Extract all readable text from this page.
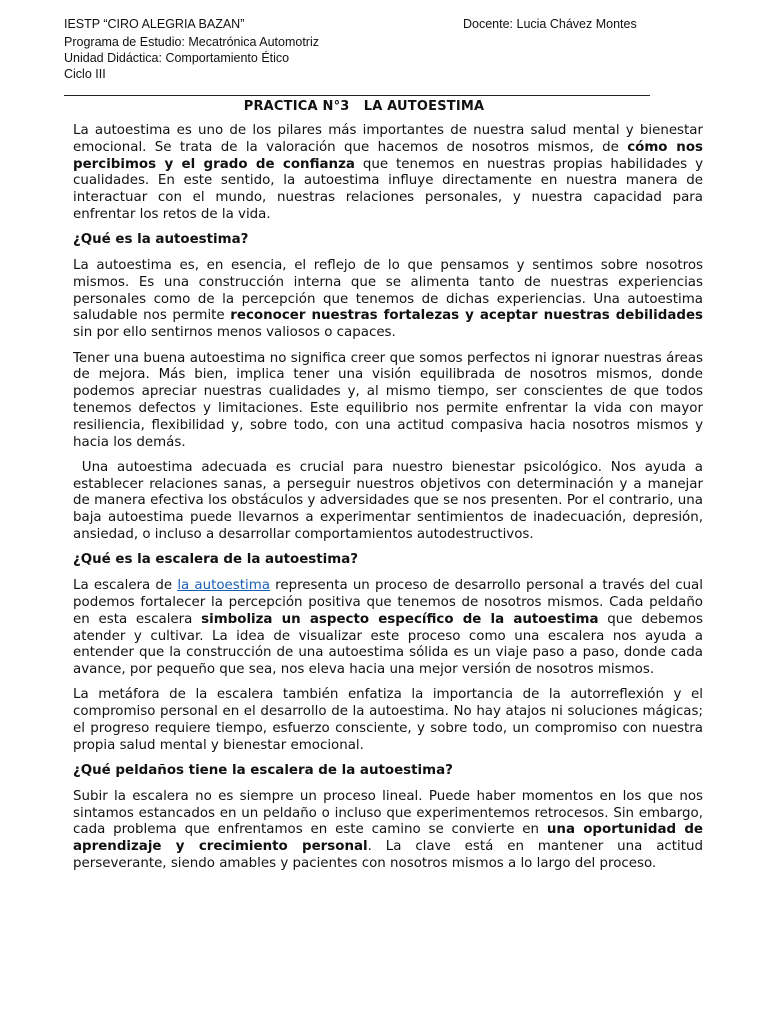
IESTP “CIRO ALEGRIA BAZAN”	Docente: Lucia Chávez Montes
Programa de Estudio: Mecatrónica Automotriz
Unidad Didáctica: Comportamiento Ético
Ciclo III
PRACTICA N°3   LA AUTOESTIMA

La autoestima es uno de los pilares más importantes de nuestra salud mental y bienestar emocional. Se trata de la valoración que hacemos de nosotros mismos, de cómo nos percibimos y el grado de confianza que tenemos en nuestras propias habilidades y cualidades. En este sentido, la autoestima influye directamente en nuestra manera de interactuar con el mundo, nuestras relaciones personales, y nuestra capacidad para enfrentar los retos de la vida.

¿Qué es la autoestima?

La autoestima es, en esencia, el reflejo de lo que pensamos y sentimos sobre nosotros mismos. Es una construcción interna que se alimenta tanto de nuestras experiencias personales como de la percepción que tenemos de dichas experiencias. Una autoestima saludable nos permite reconocer nuestras fortalezas y aceptar nuestras debilidades sin por ello sentirnos menos valiosos o capaces.

Tener una buena autoestima no significa creer que somos perfectos ni ignorar nuestras áreas de mejora. Más bien, implica tener una visión equilibrada de nosotros mismos, donde podemos apreciar nuestras cualidades y, al mismo tiempo, ser conscientes de que todos tenemos defectos y limitaciones. Este equilibrio nos permite enfrentar la vida con mayor resiliencia, flexibilidad y, sobre todo, con una actitud compasiva hacia nosotros mismos y hacia los demás.

Una autoestima adecuada es crucial para nuestro bienestar psicológico. Nos ayuda a establecer relaciones sanas, a perseguir nuestros objetivos con determinación y a manejar de manera efectiva los obstáculos y adversidades que se nos presenten. Por el contrario, una baja autoestima puede llevarnos a experimentar sentimientos de inadecuación, depresión, ansiedad, o incluso a desarrollar comportamientos autodestructivos.

¿Qué es la escalera de la autoestima?

La escalera de la autoestima representa un proceso de desarrollo personal a través del cual podemos fortalecer la percepción positiva que tenemos de nosotros mismos. Cada peldaño en esta escalera simboliza un aspecto específico de la autoestima que debemos atender y cultivar. La idea de visualizar este proceso como una escalera nos ayuda a entender que la construcción de una autoestima sólida es un viaje paso a paso, donde cada avance, por pequeño que sea, nos eleva hacia una mejor versión de nosotros mismos.

La metáfora de la escalera también enfatiza la importancia de la autorreflexión y el compromiso personal en el desarrollo de la autoestima. No hay atajos ni soluciones mágicas; el progreso requiere tiempo, esfuerzo consciente, y sobre todo, un compromiso con nuestra propia salud mental y bienestar emocional.

¿Qué peldaños tiene la escalera de la autoestima?

Subir la escalera no es siempre un proceso lineal. Puede haber momentos en los que nos sintamos estancados en un peldaño o incluso que experimentemos retrocesos. Sin embargo, cada problema que enfrentamos en este camino se convierte en una oportunidad de aprendizaje y crecimiento personal. La clave está en mantener una actitud perseverante, siendo amables y pacientes con nosotros mismos a lo largo del proceso.
